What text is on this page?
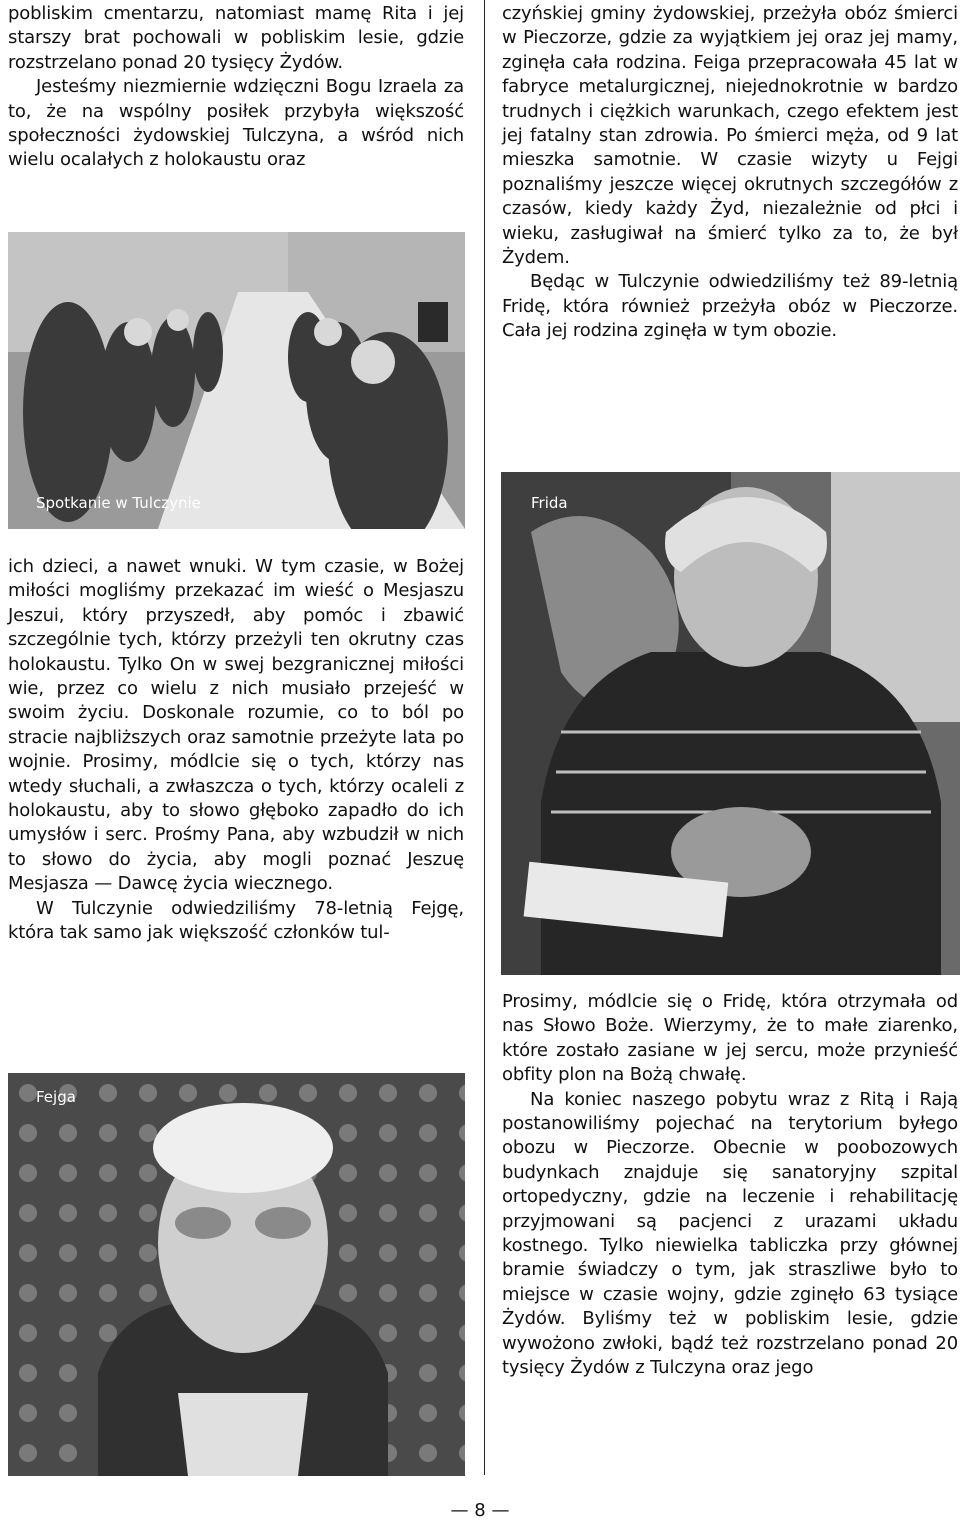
pobliskim cmentarzu, natomiast mamę Rita i jej starszy brat pochowali w pobliskim lesie, gdzie rozstrzelano ponad 20 tysięcy Żydów.
Jesteśmy niezmiernie wdzięczni Bogu Izraela za to, że na wspólny posiłek przybyła większość społeczności żydowskiej Tulczyna, a wśród nich wielu ocalałych z holokaustu oraz
Spotkanie w Tulczynie
ich dzieci, a nawet wnuki. W tym czasie, w Bożej miłości mogliśmy przekazać im wieść o Mesjaszu Jeszui, który przyszedł, aby pomóc i zbawić szczególnie tych, którzy przeżyli ten okrutny czas holokaustu. Tylko On w swej bezgranicznej miłości wie, przez co wielu z nich musiało przejeść w swoim życiu. Doskonale rozumie, co to ból po stracie najbliższych oraz samotnie przeżyte lata po wojnie. Prosimy, módlcie się o tych, którzy nas wtedy słuchali, a zwłaszcza o tych, którzy ocaleli z holokaustu, aby to słowo głęboko zapadło do ich umysłów i serc. Prośmy Pana, aby wzbudził w nich to słowo do życia, aby mogli poznać Jeszuę Mesjasza — Dawcę życia wiecznego.
W Tulczynie odwiedziliśmy 78-letnią Fejgę, która tak samo jak większość członków tul-
Fejga
czyńskiej gminy żydowskiej, przeżyła obóz śmierci w Pieczorze, gdzie za wyjątkiem jej oraz jej mamy, zginęła cała rodzina. Feiga przepracowała 45 lat w fabryce metalurgicznej, niejednokrotnie w bardzo trudnych i ciężkich warunkach, czego efektem jest jej fatalny stan zdrowia. Po śmierci męża, od 9 lat mieszka samotnie. W czasie wizyty u Fejgi poznaliśmy jeszcze więcej okrutnych szczegółów z czasów, kiedy każdy Żyd, niezależnie od płci i wieku, zasługiwał na śmierć tylko za to, że był Żydem.
Będąc w Tulczynie odwiedziliśmy też 89-letnią Fridę, która również przeżyła obóz w Pieczorze. Cała jej rodzina zginęła w tym obozie.
Frida
Prosimy, módlcie się o Fridę, która otrzymała od nas Słowo Boże. Wierzymy, że to małe ziarenko, które zostało zasiane w jej sercu, może przynieść obfity plon na Bożą chwałę.
Na koniec naszego pobytu wraz z Ritą i Rają postanowiliśmy pojechać na terytorium byłego obozu w Pieczorze. Obecnie w poobozowych budynkach znajduje się sanatoryjny szpital ortopedyczny, gdzie na leczenie i rehabilitację przyjmowani są pacjenci z urazami układu kostnego. Tylko niewielka tabliczka przy głównej bramie świadczy o tym, jak straszliwe było to miejsce w czasie wojny, gdzie zginęło 63 tysiące Żydów. Byliśmy też w pobliskim lesie, gdzie wywożono zwłoki, bądź też rozstrzelano ponad 20 tysięcy Żydów z Tulczyna oraz jego
— 8 —
